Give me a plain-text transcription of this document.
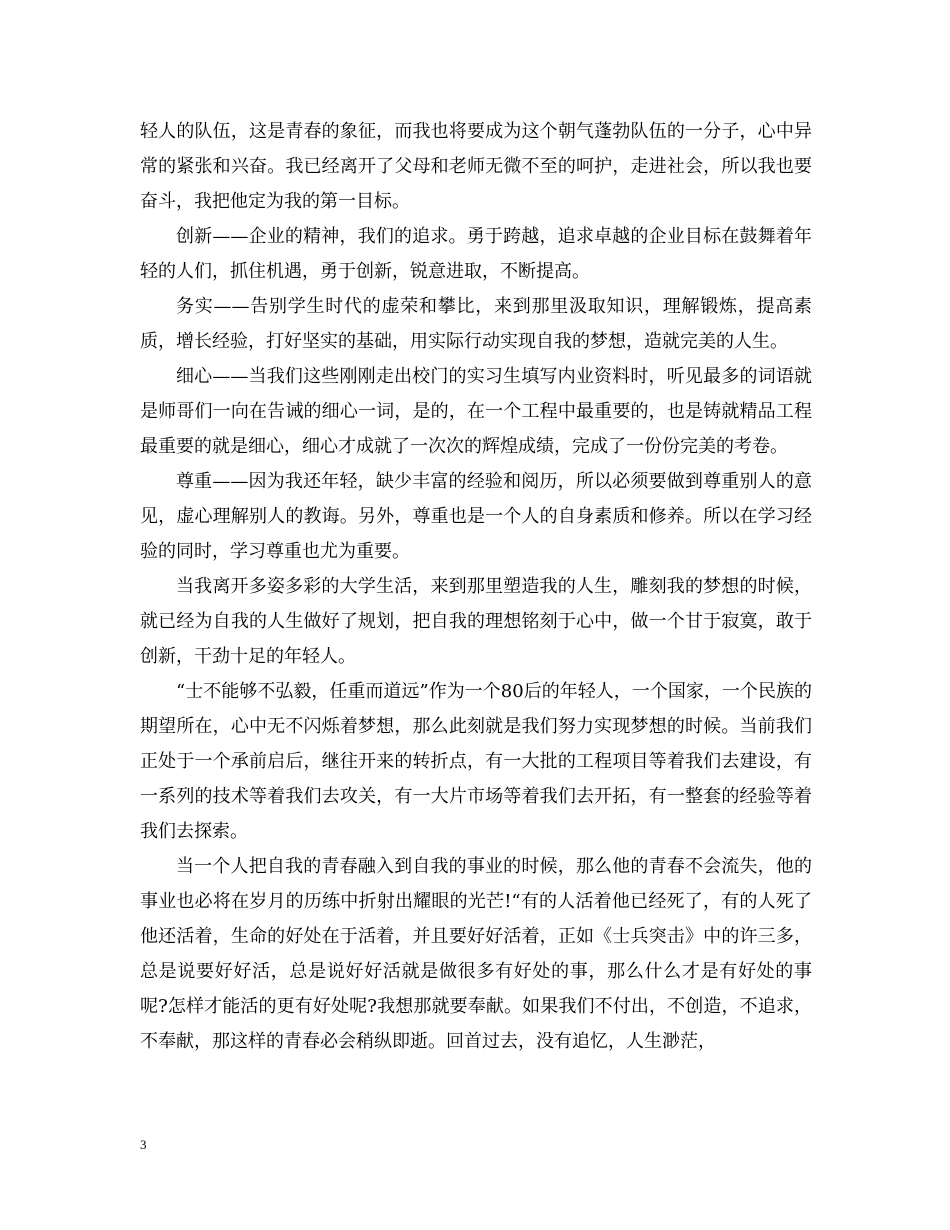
轻人的队伍，这是青春的象征，而我也将要成为这个朝气蓬勃队伍的一分子，心中异常的紧张和兴奋。我已经离开了父母和老师无微不至的呵护，走进社会，所以我也要奋斗，我把他定为我的第一目标。

创新——企业的精神，我们的追求。勇于跨越，追求卓越的企业目标在鼓舞着年轻的人们，抓住机遇，勇于创新，锐意进取，不断提高。

务实——告别学生时代的虚荣和攀比，来到那里汲取知识，理解锻炼，提高素质，增长经验，打好坚实的基础，用实际行动实现自我的梦想，造就完美的人生。

细心——当我们这些刚刚走出校门的实习生填写内业资料时，听见最多的词语就是师哥们一向在告诫的细心一词，是的，在一个工程中最重要的，也是铸就精品工程最重要的就是细心，细心才成就了一次次的辉煌成绩，完成了一份份完美的考卷。

尊重——因为我还年轻，缺少丰富的经验和阅历，所以必须要做到尊重别人的意见，虚心理解别人的教诲。另外，尊重也是一个人的自身素质和修养。所以在学习经验的同时，学习尊重也尤为重要。

当我离开多姿多彩的大学生活，来到那里塑造我的人生，雕刻我的梦想的时候，就已经为自我的人生做好了规划，把自我的理想铭刻于心中，做一个甘于寂寞，敢于创新，干劲十足的年轻人。

“士不能够不弘毅，任重而道远”作为一个80后的年轻人，一个国家，一个民族的期望所在，心中无不闪烁着梦想，那么此刻就是我们努力实现梦想的时候。当前我们正处于一个承前启后，继往开来的转折点，有一大批的工程项目等着我们去建设，有一系列的技术等着我们去攻关，有一大片市场等着我们去开拓，有一整套的经验等着我们去探索。

当一个人把自我的青春融入到自我的事业的时候，那么他的青春不会流失，他的事业也必将在岁月的历练中折射出耀眼的光芒!“有的人活着他已经死了，有的人死了他还活着，生命的好处在于活着，并且要好好活着，正如《士兵突击》中的许三多，总是说要好好活，总是说好好活就是做很多有好处的事，那么什么才是有好处的事呢?怎样才能活的更有好处呢?我想那就要奉献。如果我们不付出，不创造，不追求，不奉献，那这样的青春必会稍纵即逝。回首过去，没有追忆，人生渺茫，

3
